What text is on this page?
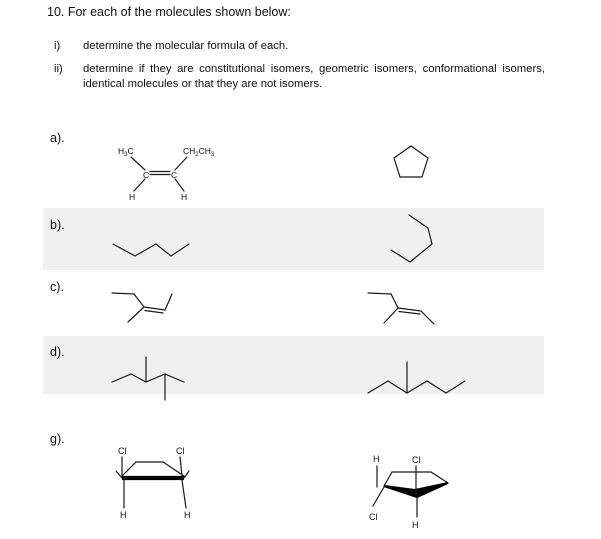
10. For each of the molecules shown below:
i) determine the molecular formula of each.
ii) determine if they are constitutional isomers, geometric isomers, conformational isomers, identical molecules or that they are not isomers.
a).
b).
c).
d).
g).
$H_3C$	$CH_2CH_3$
C	C
H	H
Cl	Cl
H	H
H	Cl
Cl
H
